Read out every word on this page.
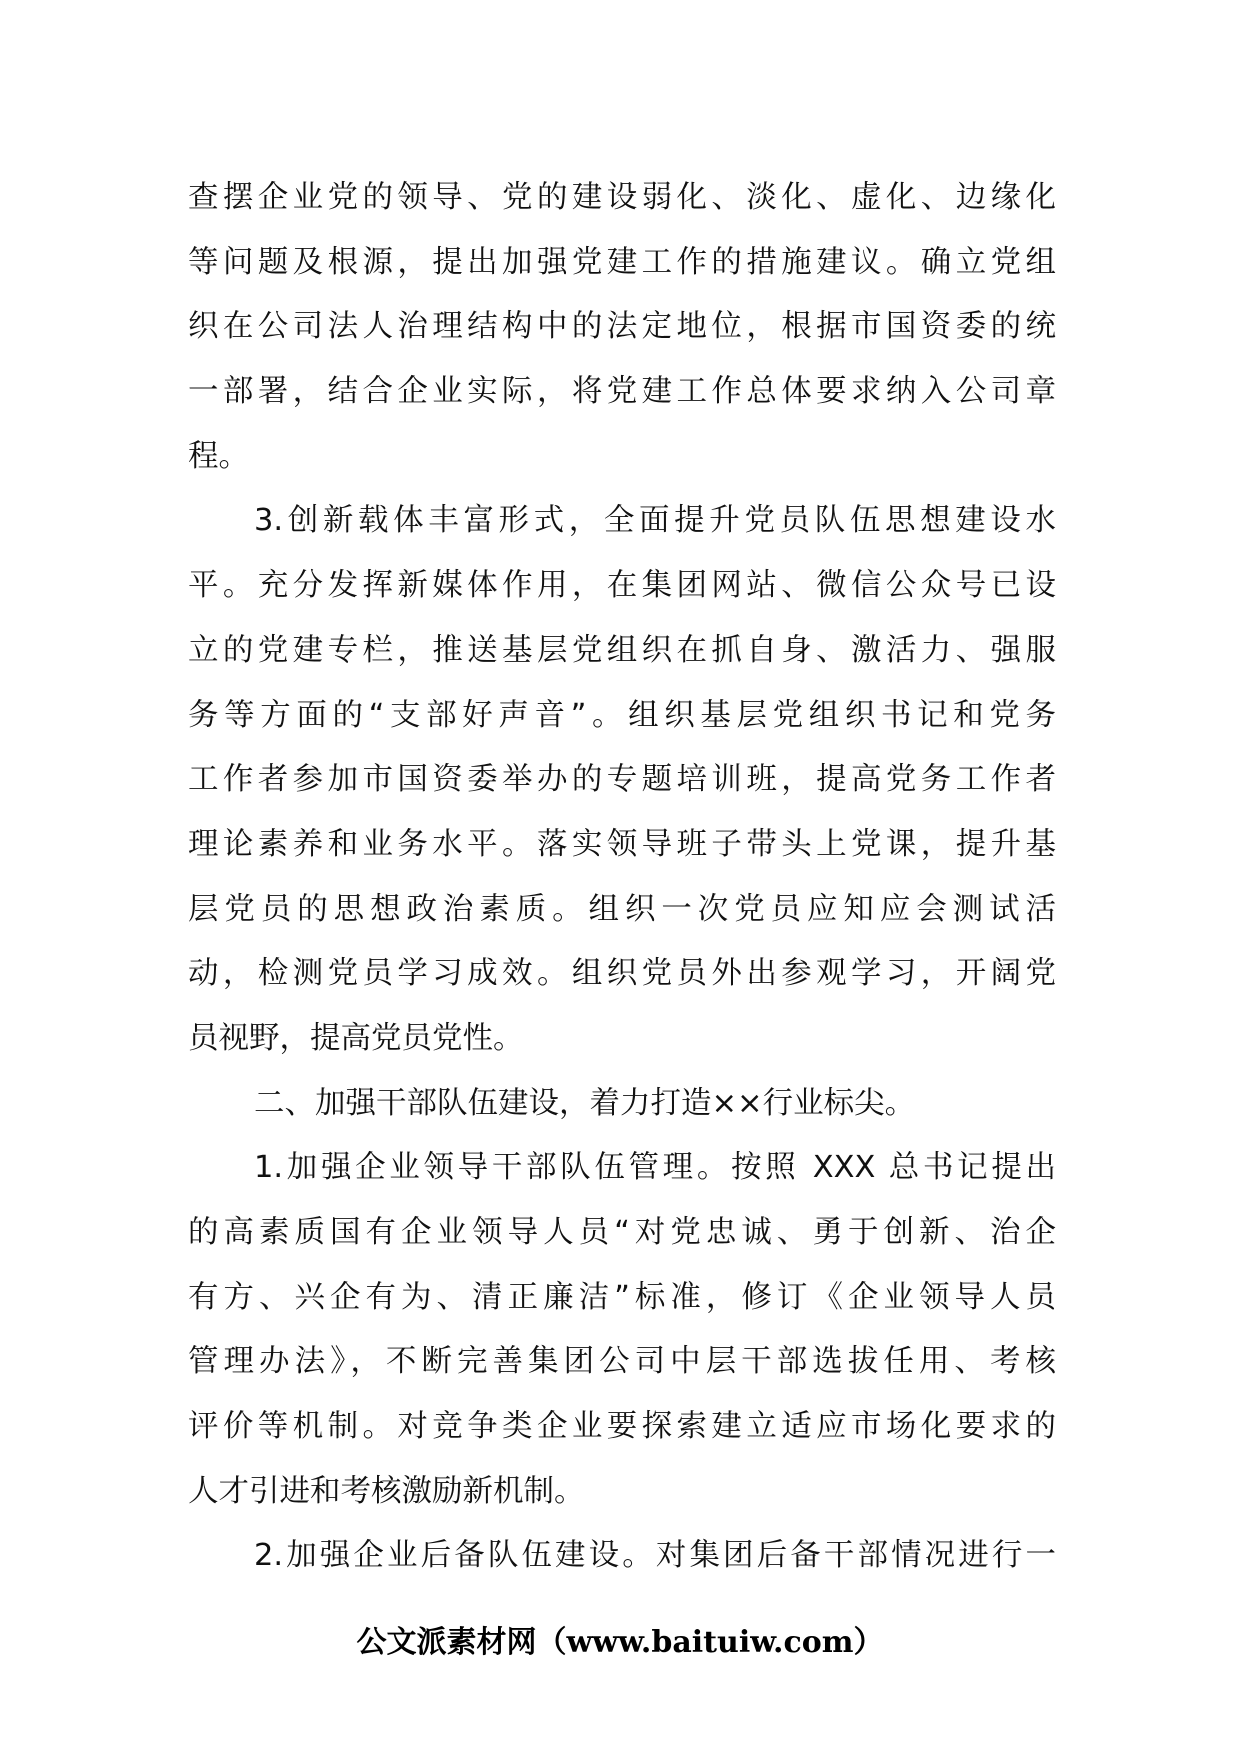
查摆企业党的领导、党的建设弱化、淡化、虚化、边缘化
等问题及根源，提出加强党建工作的措施建议。确立党组
织在公司法人治理结构中的法定地位，根据市国资委的统
一部署，结合企业实际，将党建工作总体要求纳入公司章
程。
3.创新载体丰富形式，全面提升党员队伍思想建设水
平。充分发挥新媒体作用，在集团网站、微信公众号已设
立的党建专栏，推送基层党组织在抓自身、激活力、强服
务等方面的“支部好声音”。组织基层党组织书记和党务
工作者参加市国资委举办的专题培训班，提高党务工作者
理论素养和业务水平。落实领导班子带头上党课，提升基
层党员的思想政治素质。组织一次党员应知应会测试活
动，检测党员学习成效。组织党员外出参观学习，开阔党
员视野，提高党员党性。
二、加强干部队伍建设，着力打造××行业标尖。
1.加强企业领导干部队伍管理。按照 XXX 总书记提出
的高素质国有企业领导人员“对党忠诚、勇于创新、治企
有方、兴企有为、清正廉洁”标准，修订《企业领导人员
管理办法》，不断完善集团公司中层干部选拔任用、考核
评价等机制。对竞争类企业要探索建立适应市场化要求的
人才引进和考核激励新机制。
2.加强企业后备队伍建设。对集团后备干部情况进行一
公文派素材网（www.baituiw.com）
